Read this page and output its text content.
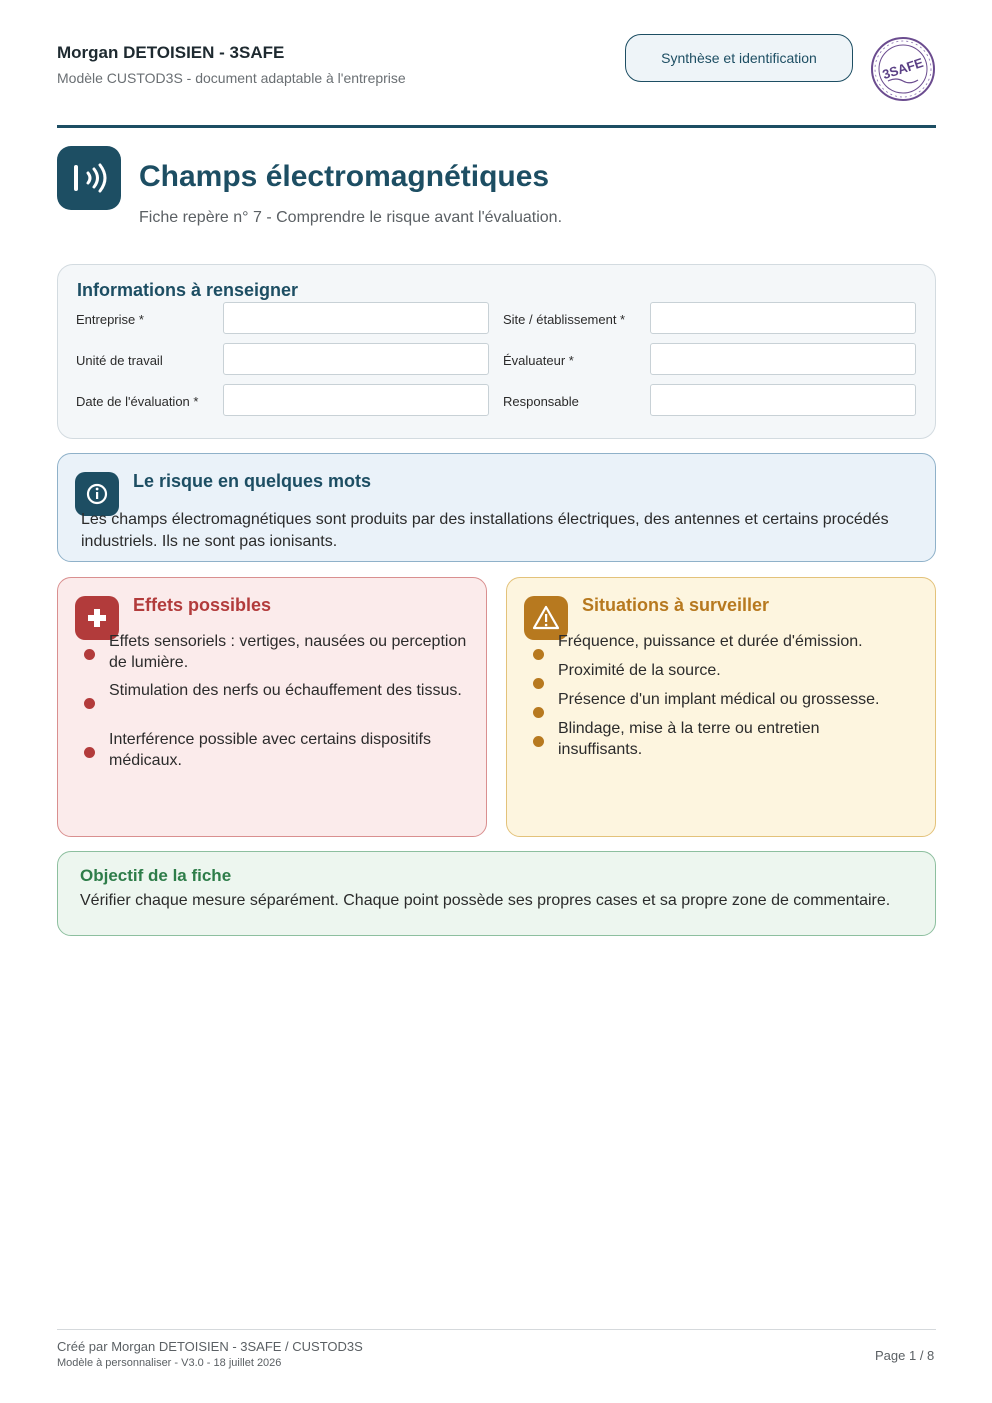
Morgan DETOISIEN - 3SAFE
Modèle CUSTOD3S - document adaptable à l'entreprise
Synthèse et identification	3SAFE
Champs électromagnétiques
Fiche repère n° 7 - Comprendre le risque avant l'évaluation.
Informations à renseigner
Entreprise *	Site / établissement *
Unité de travail	Évaluateur *
Date de l'évaluation *	Responsable
Le risque en quelques mots
Les champs électromagnétiques sont produits par des installations électriques, des antennes et certains procédés industriels. Ils ne sont pas ionisants.
Effets possibles
Effets sensoriels : vertiges, nausées ou perception de lumière.
Stimulation des nerfs ou échauffement des tissus.
Interférence possible avec certains dispositifs médicaux.
Situations à surveiller
Fréquence, puissance et durée d'émission.
Proximité de la source.
Présence d'un implant médical ou grossesse.
Blindage, mise à la terre ou entretien insuffisants.
Objectif de la fiche
Vérifier chaque mesure séparément. Chaque point possède ses propres cases et sa propre zone de commentaire.
Créé par Morgan DETOISIEN - 3SAFE / CUSTOD3S
Modèle à personnaliser - V3.0 - 18 juillet 2026	Page 1 / 8
